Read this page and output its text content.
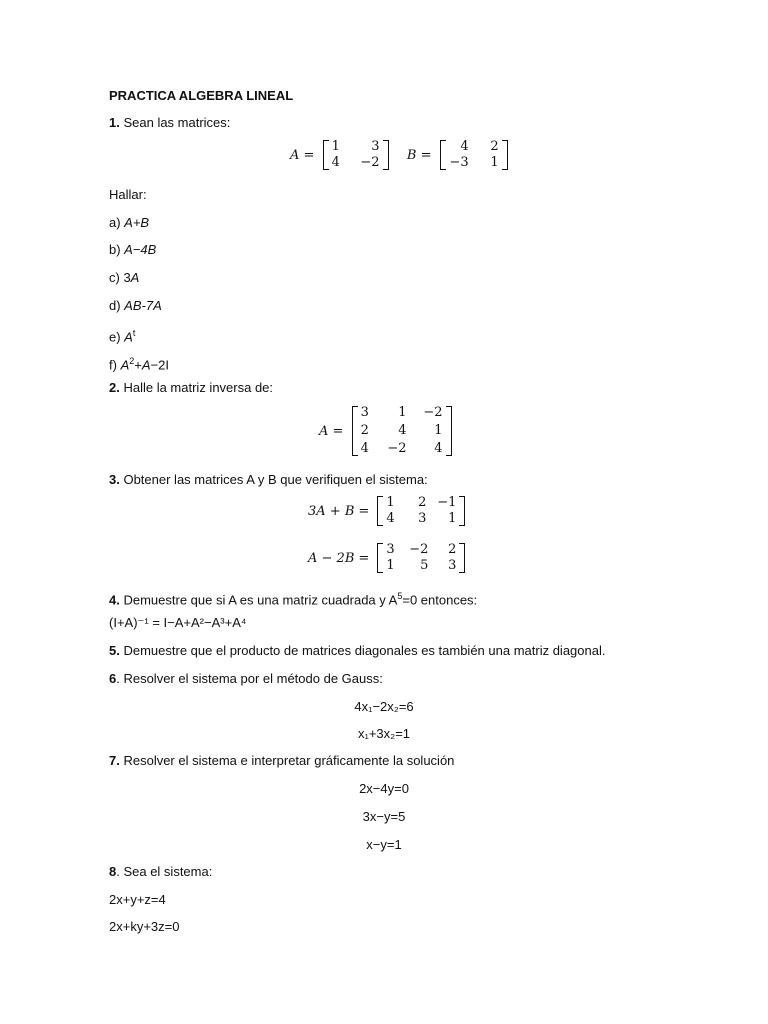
PRACTICA ALGEBRA LINEAL
1. Sean las matrices:
A =
1	3
4	−2 B =
4	2
−3	1
Hallar:
a) A+B
b) A−4B
c) 3A
d) AB-7A
e) $A^t$
f) $A^2+A-2I$
2. Halle la matriz inversa de:
A =
3	1	−2
2	4	1
4	−2	4
3. Obtener las matrices A y B que verifiquen el sistema:
3A + B =
1	2 −1
4	3	1
A − 2B =
3	−2	2
1	5	3
4. Demuestre que si A es una matriz cuadrada y $A^5=0$ entonces:
(I+A)⁻¹ = I−A+A²−A³+A⁴
5. Demuestre que el producto de matrices diagonales es también una matriz diagonal.
6. Resolver el sistema por el método de Gauss:
4x₁−2x₂=6
x₁+3x₂=1
7. Resolver el sistema e interpretar gráficamente la solución
2x−4y=0
3x−y=5
x−y=1
8. Sea el sistema:
2x+y+z=4
2x+ky+3z=0
